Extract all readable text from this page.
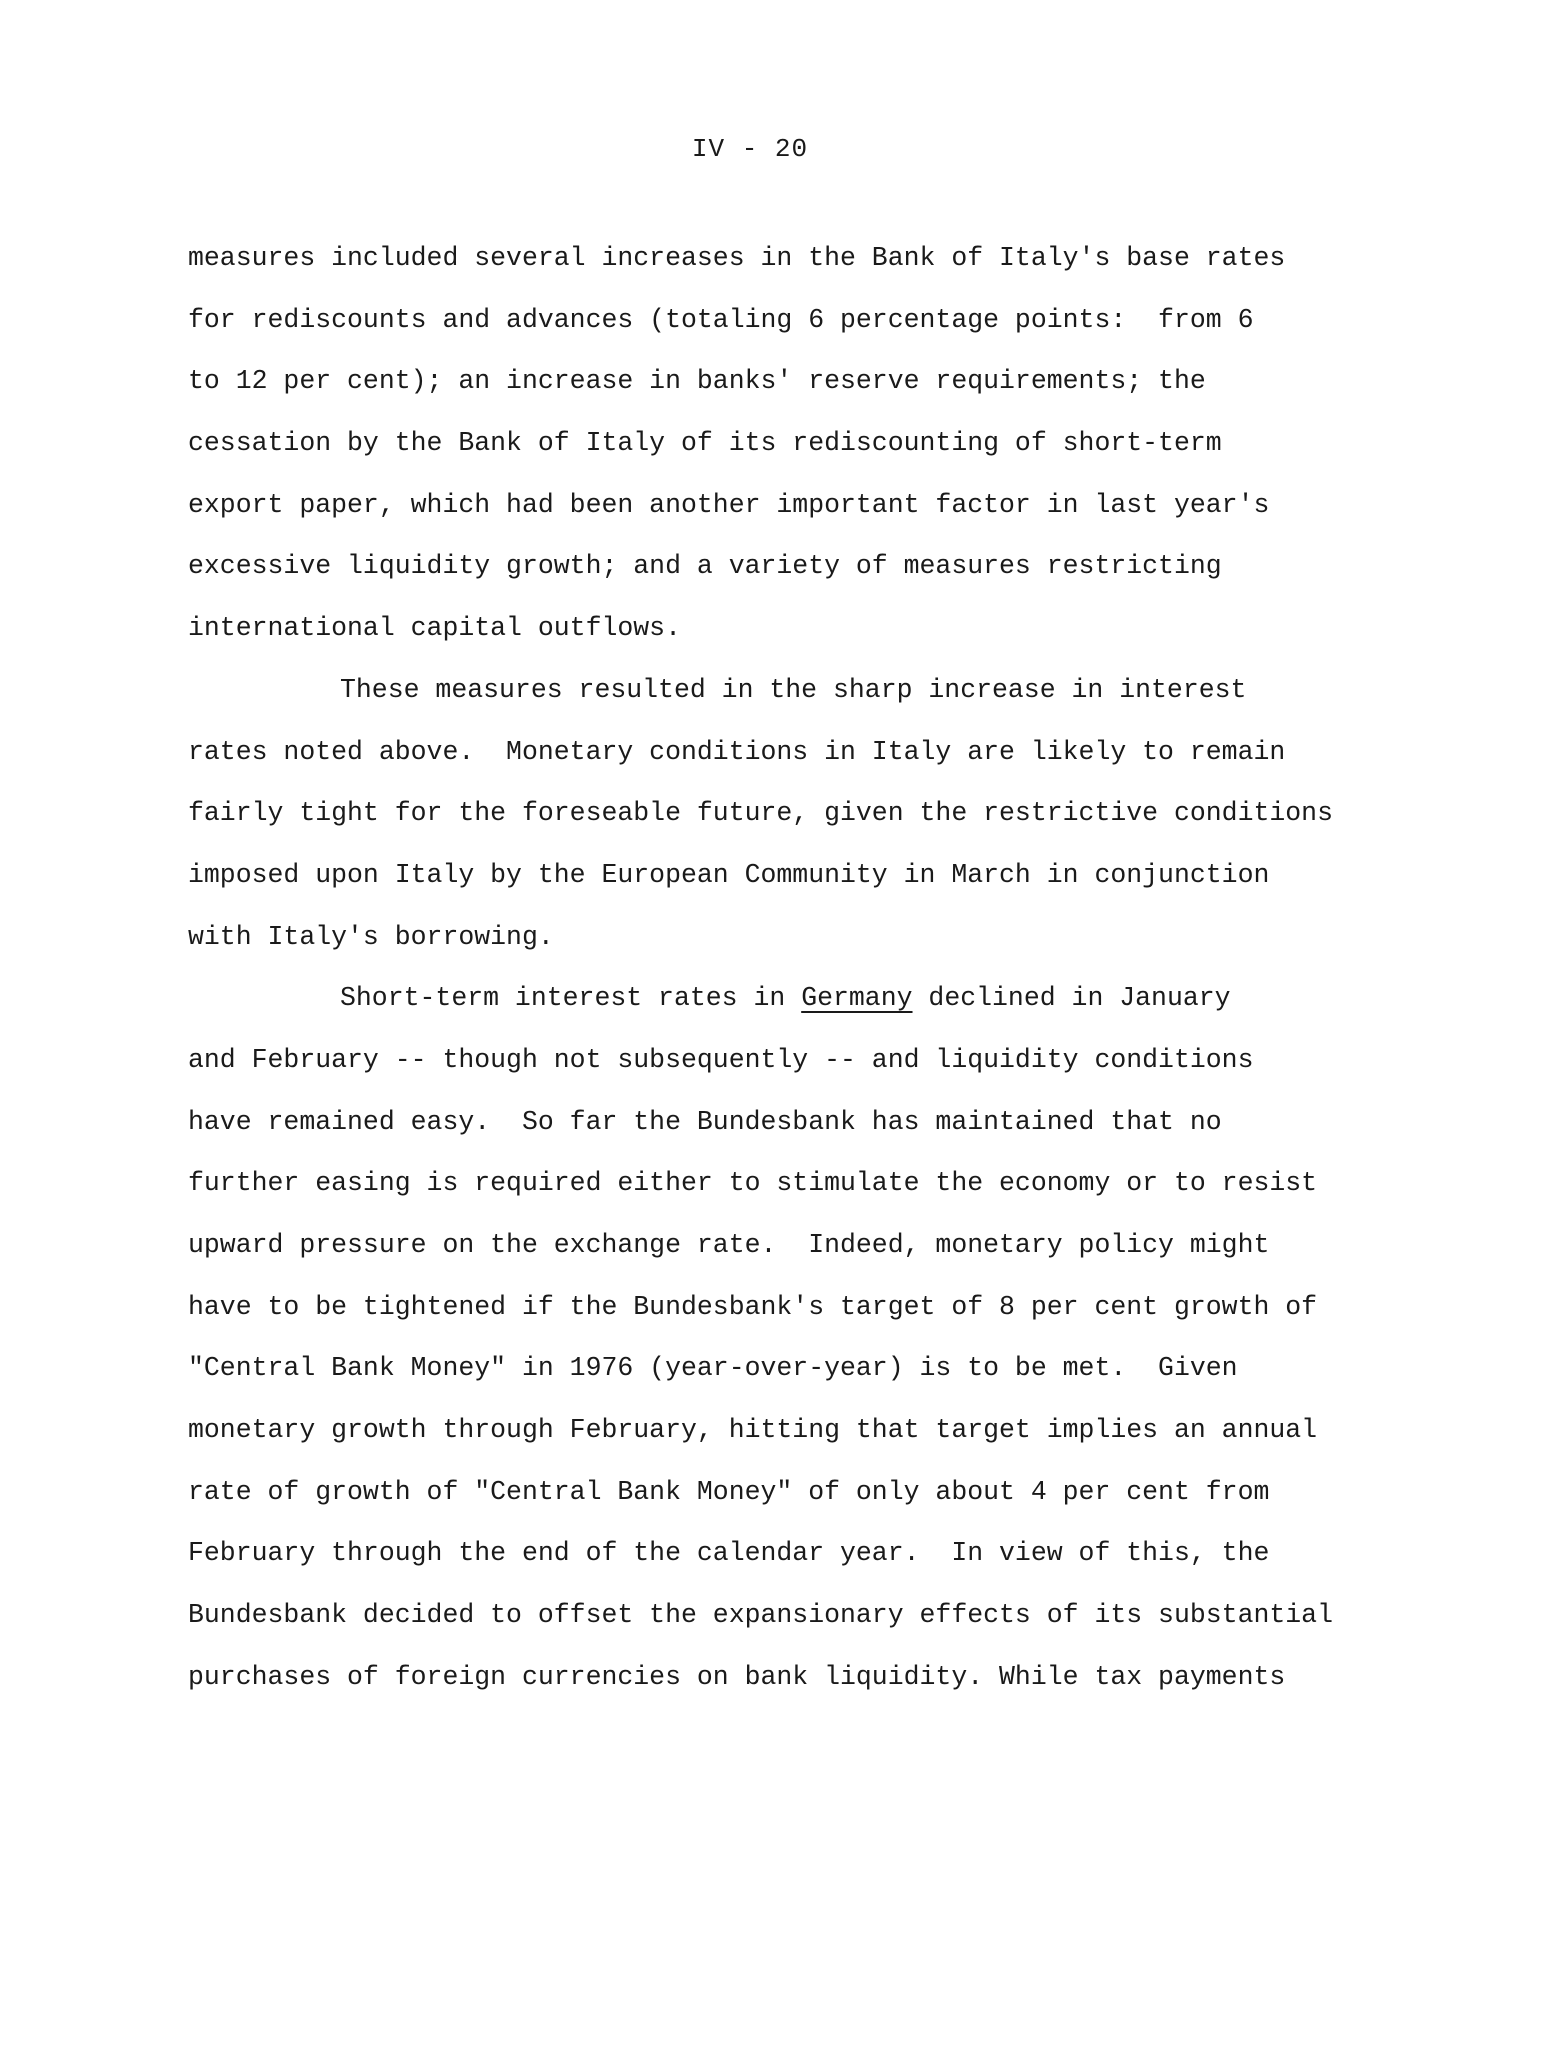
IV - 20
measures included several increases in the Bank of Italy's base rates
for rediscounts and advances (totaling 6 percentage points:  from 6
to 12 per cent); an increase in banks' reserve requirements; the
cessation by the Bank of Italy of its rediscounting of short-term
export paper, which had been another important factor in last year's
excessive liquidity growth; and a variety of measures restricting
international capital outflows.
These measures resulted in the sharp increase in interest
rates noted above.  Monetary conditions in Italy are likely to remain
fairly tight for the foreseable future, given the restrictive conditions
imposed upon Italy by the European Community in March in conjunction
with Italy's borrowing.
Short-term interest rates in Germany declined in January
and February -- though not subsequently -- and liquidity conditions
have remained easy.  So far the Bundesbank has maintained that no
further easing is required either to stimulate the economy or to resist
upward pressure on the exchange rate.  Indeed, monetary policy might
have to be tightened if the Bundesbank's target of 8 per cent growth of
"Central Bank Money" in 1976 (year-over-year) is to be met.  Given
monetary growth through February, hitting that target implies an annual
rate of growth of "Central Bank Money" of only about 4 per cent from
February through the end of the calendar year.  In view of this, the
Bundesbank decided to offset the expansionary effects of its substantial
purchases of foreign currencies on bank liquidity. While tax payments
